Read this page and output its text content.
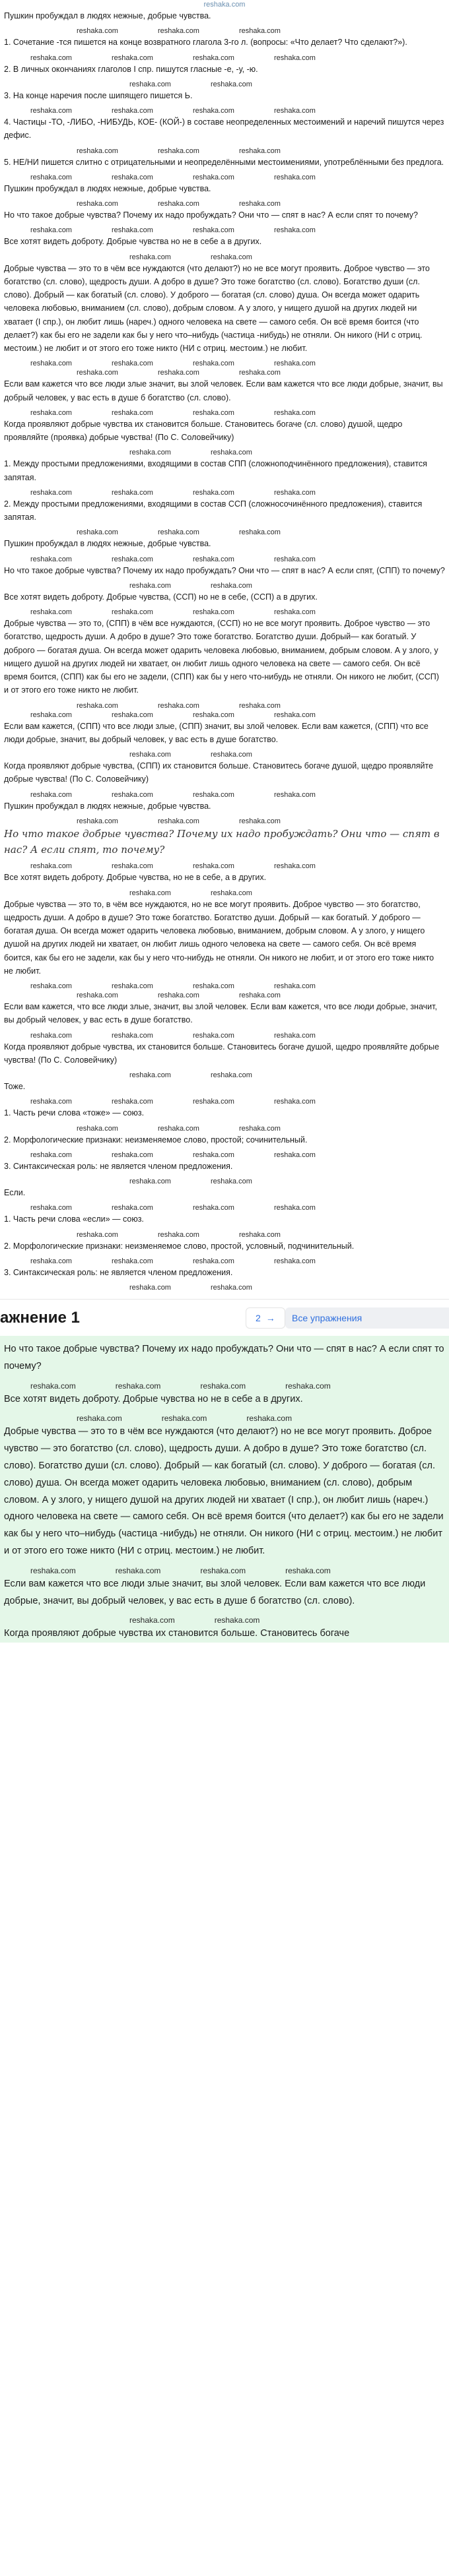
reshaka.com

Пушкин пробуждал в людях нежные, добрые чувства.

reshaka.com	reshaka.com	reshaka.com

1. Сочетание -тся пишется на конце возвратного глагола 3-го л. (вопросы: «Что делает? Что сделают?»).

reshaka.com	reshaka.com	reshaka.com	reshaka.com

2. В личных окончаниях глаголов I спр. пишутся гласные -е, -у, -ю.

reshaka.com	reshaka.com

3. На конце наречия после шипящего пишется Ь.

reshaka.com	reshaka.com	reshaka.com	reshaka.com

4. Частицы -ТО, -ЛИБО, -НИБУДЬ, КОЕ- (КОЙ-) в составе неопределенных местоимений и наречий пишутся через дефис.

reshaka.com	reshaka.com	reshaka.com

5. НЕ/НИ пишется слитно с отрицательными и неопределёнными местоимениями, употреблёнными без предлога.

reshaka.com	reshaka.com	reshaka.com	reshaka.com

Пушкин пробуждал в людях нежные, добрые чувства.

reshaka.com	reshaka.com	reshaka.com

Но что такое добрые чувства? Почему их надо пробуждать? Они что — спят в нас? А если спят то почему?

reshaka.com	reshaka.com	reshaka.com	reshaka.com

Все хотят видеть доброту. Добрые чувства но не в себе а в других.

reshaka.com	reshaka.com

Добрые чувства — это то в чём все нуждаются (что делают?) но не все могут проявить. Доброе чувство — это богатство (сл. слово), щедрость души. А добро в душе? Это тоже богатство (сл. слово). Богатство души (сл. слово). Добрый — как богатый (сл. слово). У доброго — богатая (сл. слово) душа. Он всегда может одарить человека любовью, вниманием (сл. слово), добрым словом. А у злого, у нищего душой на других людей ни хватает (I спр.), он любит лишь (нареч.) одного человека на свете — самого себя. Он всё время боится (что делает?) как бы его не задели как бы у него что–нибудь (частица -нибудь) не отняли. Он никого (НИ с отриц. местоим.) не любит и от этого его тоже никто (НИ с отриц. местоим.) не любит.

reshaka.com	reshaka.com	reshaka.com	reshaka.com
reshaka.com	reshaka.com	reshaka.com

Если вам кажется что все люди злые значит, вы злой человек. Если вам кажется что все люди добрые, значит, вы добрый человек, у вас есть в душе б богатство (сл. слово).

reshaka.com	reshaka.com	reshaka.com	reshaka.com

Когда проявляют добрые чувства их становится больше. Становитесь богаче (сл. слово) душой, щедро проявляйте (проявка) добрые чувства! (По С. Соловейчику)

reshaka.com	reshaka.com

1. Между простыми предложениями, входящими в состав СПП (сложноподчинённого предложения), ставится запятая.

reshaka.com	reshaka.com	reshaka.com	reshaka.com

2. Между простыми предложениями, входящими в состав ССП (сложносочинённого предложения), ставится запятая.

reshaka.com	reshaka.com	reshaka.com

Пушкин пробуждал в людях нежные, добрые чувства.

reshaka.com	reshaka.com	reshaka.com	reshaka.com

Но что такое добрые чувства? Почему их надо пробуждать? Они что — спят в нас? А если спят, (СПП) то почему?

reshaka.com	reshaka.com

Все хотят видеть доброту. Добрые чувства, (ССП) но не в себе, (ССП) а в других.

reshaka.com	reshaka.com	reshaka.com	reshaka.com

Добрые чувства — это то, (СПП) в чём все нуждаются, (ССП) но не все могут проявить. Доброе чувство — это богатство, щедрость души. А добро в душе? Это тоже богатство. Богатство души. Добрый— как богатый. У доброго — богатая душа. Он всегда может одарить человека любовью, вниманием, добрым словом. А у злого, у нищего душой на других людей ни хватает, он любит лишь одного человека на свете — самого себя. Он всё время боится, (СПП) как бы его не задели, (СПП) как бы у него что-нибудь не отняли. Он никого не любит, (ССП) и от этого его тоже никто не любит.

reshaka.com	reshaka.com	reshaka.com
reshaka.com	reshaka.com	reshaka.com	reshaka.com

Если вам кажется, (СПП) что все люди злые, (СПП) значит, вы злой человек. Если вам кажется, (СПП) что все люди добрые, значит, вы добрый человек, у вас есть в душе богатство.

reshaka.com	reshaka.com

Когда проявляют добрые чувства, (СПП) их становится больше. Становитесь богаче душой, щедро проявляйте добрые чувства! (По С. Соловейчику)

reshaka.com	reshaka.com	reshaka.com	reshaka.com

Пушкин пробуждал в людях нежные, добрые чувства.

reshaka.com	reshaka.com	reshaka.com

Но что такое добрые чувства? Почему их надо пробуждать? Они что — спят в нас? А если спят, то почему?

reshaka.com	reshaka.com	reshaka.com	reshaka.com

Все хотят видеть доброту. Добрые чувства, но не в себе, а в других.

reshaka.com	reshaka.com

Добрые чувства — это то, в чём все нуждаются, но не все могут проявить. Доброе чувство — это богатство, щедрость души. А добро в душе? Это тоже богатство. Богатство души. Добрый — как богатый. У доброго — богатая душа. Он всегда может одарить человека любовью, вниманием, добрым словом. А у злого, у нищего душой на других людей ни хватает, он любит лишь одного человека на свете — самого себя. Он всё время боится, как бы его не задели, как бы у него что-нибудь не отняли. Он никого не любит, и от этого его тоже никто не любит.

reshaka.com	reshaka.com	reshaka.com	reshaka.com
reshaka.com	reshaka.com	reshaka.com

Если вам кажется, что все люди злые, значит, вы злой человек. Если вам кажется, что все люди добрые, значит, вы добрый человек, у вас есть в душе богатство.

reshaka.com	reshaka.com	reshaka.com	reshaka.com

Когда проявляют добрые чувства, их становится больше. Становитесь богаче душой, щедро проявляйте добрые чувства! (По С. Соловейчику)

reshaka.com	reshaka.com

Тоже.

reshaka.com	reshaka.com	reshaka.com	reshaka.com

1. Часть речи слова «тоже» — союз.

reshaka.com	reshaka.com	reshaka.com

2. Морфологические признаки: неизменяемое слово, простой; сочинительный.

reshaka.com	reshaka.com	reshaka.com	reshaka.com

3. Синтаксическая роль: не является членом предложения.

reshaka.com	reshaka.com

Если.

reshaka.com	reshaka.com	reshaka.com	reshaka.com

1. Часть речи слова «если» — союз.

reshaka.com	reshaka.com	reshaka.com

2. Морфологические признаки: неизменяемое слово, простой, условный, подчинительный.

reshaka.com	reshaka.com	reshaka.com	reshaka.com

3. Синтаксическая роль: не является членом предложения.

reshaka.com	reshaka.com
ажнение 1	2 →	Все упражнения

Но что такое добрые чувства? Почему их надо пробуждать? Они что — спят в нас? А если спят то почему?

reshaka.com	reshaka.com	reshaka.com	reshaka.com

Все хотят видеть доброту. Добрые чувства но не в себе а в других.

reshaka.com	reshaka.com	reshaka.com

Добрые чувства — это то в чём все нуждаются (что делают?) но не все могут проявить. Доброе чувство — это богатство (сл. слово), щедрость души. А добро в душе? Это тоже богатство (сл. слово). Богатство души (сл. слово). Добрый — как богатый (сл. слово). У доброго — богатая (сл. слово) душа. Он всегда может одарить человека любовью, вниманием (сл. слово), добрым словом. А у злого, у нищего душой на других людей ни хватает (I спр.), он любит лишь (нареч.) одного человека на свете — самого себя. Он всё время боится (что делает?) как бы его не задели как бы у него что–нибудь (частица -нибудь) не отняли. Он никого (НИ с отриц. местоим.) не любит и от этого его тоже никто (НИ с отриц. местоим.) не любит.

reshaka.com	reshaka.com	reshaka.com	reshaka.com

Если вам кажется что все люди злые значит, вы злой человек. Если вам кажется что все люди добрые, значит, вы добрый человек, у вас есть в душе б богатство (сл. слово).

reshaka.com	reshaka.com

Когда проявляют добрые чувства их становится больше. Становитесь богаче
